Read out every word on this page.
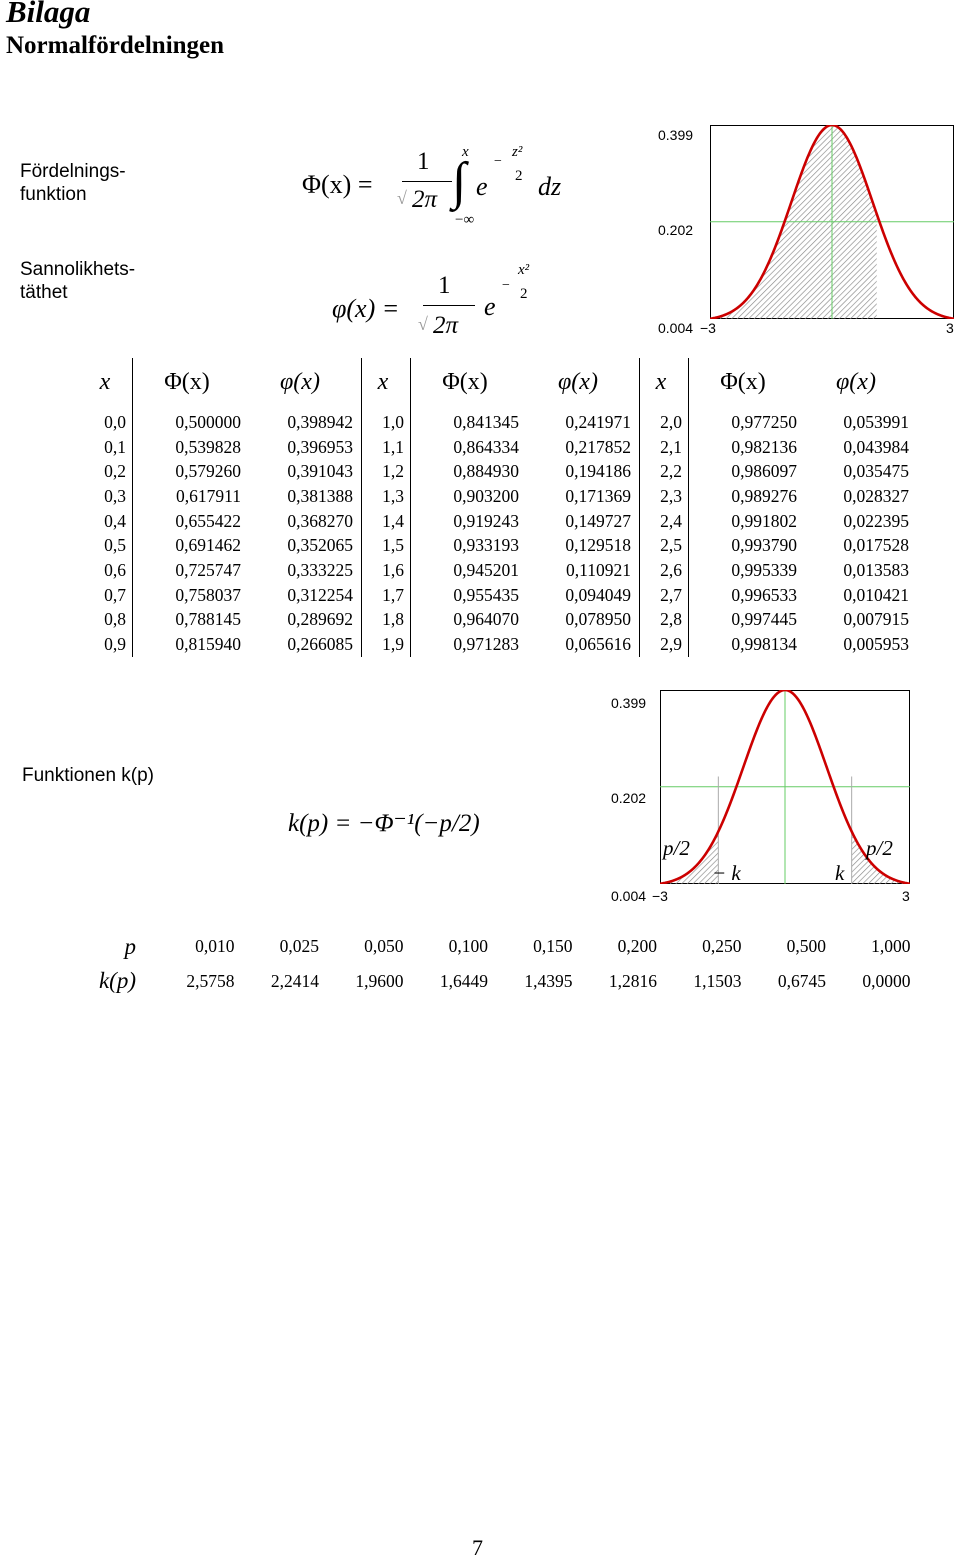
Bilaga
Normalfördelningen
Fördelnings-
funktion
Sannolikhets-
täthet
Funktionen k(p)
Φ(x) =
1
√ 2π
x
∫
−∞
e
−
z²
2 dz
φ(x) =
1
√ 2π
e
−
x²
2
0.399
0.202
0.004 −3	3
x	Φ(x)	φ(x)	x	Φ(x)	φ(x)	x	Φ(x)	φ(x)
0,0	0,500000	0,398942	1,0	0,841345	0,241971	2,0	0,977250	0,053991
0,1	0,539828	0,396953	1,1	0,864334	0,217852	2,1	0,982136	0,043984
0,2	0,579260	0,391043	1,2	0,884930	0,194186	2,2	0,986097	0,035475
0,3	0,617911	0,381388	1,3	0,903200	0,171369	2,3	0,989276	0,028327
0,4	0,655422	0,368270	1,4	0,919243	0,149727	2,4	0,991802	0,022395
0,5	0,691462	0,352065	1,5	0,933193	0,129518	2,5	0,993790	0,017528
0,6	0,725747	0,333225	1,6	0,945201	0,110921	2,6	0,995339	0,013583
0,7	0,758037	0,312254	1,7	0,955435	0,094049	2,7	0,996533	0,010421
0,8	0,788145	0,289692	1,8	0,964070	0,078950	2,8	0,997445	0,007915
0,9	0,815940	0,266085	1,9	0,971283	0,065616	2,9	0,998134	0,005953
0.399
0.202
0.004 −3	3
p/2	p/2
− k	k
k(p) = −Φ⁻¹(−p/2)
p
k(p)
0,010	0,025	0,050	0,100	0,150	0,200	0,250	0,500	1,000
2,5758	2,2414	1,9600	1,6449	1,4395	1,2816	1,1503	0,6745	0,0000
7
